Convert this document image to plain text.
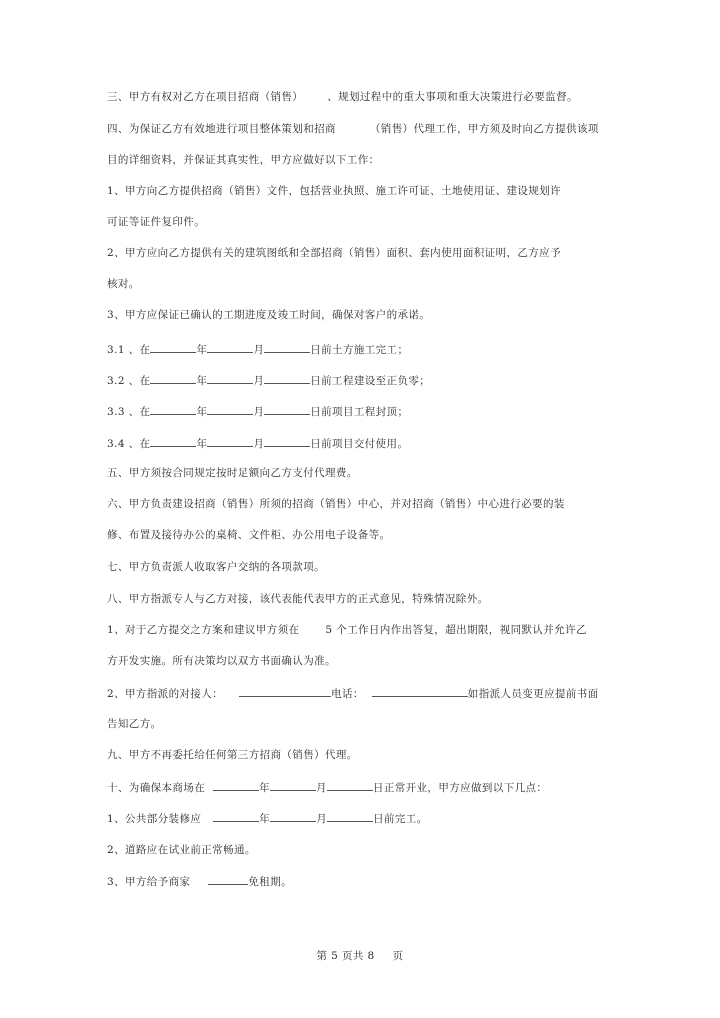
三、甲方有权对乙方在项目招商（销售） 、规划过程中的重大事项和重大决策进行必要监督。
四、为保证乙方有效地进行项目整体策划和招商	（销售）代理工作，甲方须及时向乙方提供该项
目的详细资料，并保证其真实性，甲方应做好以下工作：
1、甲方向乙方提供招商（销售）文件，包括营业执照、施工许可证、土地使用证、建设规划许
可证等证件复印件。
2、甲方应向乙方提供有关的建筑图纸和全部招商（销售）面积、套内使用面积证明，乙方应予
核对。
3、甲方应保证已确认的工期进度及竣工时间，确保对客户的承诺。
3.1 、在	年	月	日前土方施工完工；
3.2 、在	年	月	日前工程建设至正负零；
3.3 、在	年	月	日前项目工程封顶；
3.4 、在	年	月	日前项目交付使用。
五、甲方须按合同规定按时足额向乙方支付代理费。
六、甲方负责建设招商（销售）所须的招商（销售）中心，并对招商（销售）中心进行必要的装
修、布置及接待办公的桌椅、文件柜、办公用电子设备等。
七、甲方负责派人收取客户交纳的各项款项。
八、甲方指派专人与乙方对接，该代表能代表甲方的正式意见，特殊情况除外。
1、对于乙方提交之方案和建议甲方须在 5 个工作日内作出答复，超出期限，视同默认并允许乙
方开发实施。所有决策均以双方书面确认为准。
2、甲方指派的对接人：	电话：	如指派人员变更应提前书面
告知乙方。
九、甲方不再委托给任何第三方招商（销售）代理。
十、为确保本商场在	年	月	日正常开业，甲方应做到以下几点：
1、公共部分装修应	年	月	日前完工。
2、道路应在试业前正常畅通。
3、甲方给予商家	免租期。
第 5 页共 8 页
